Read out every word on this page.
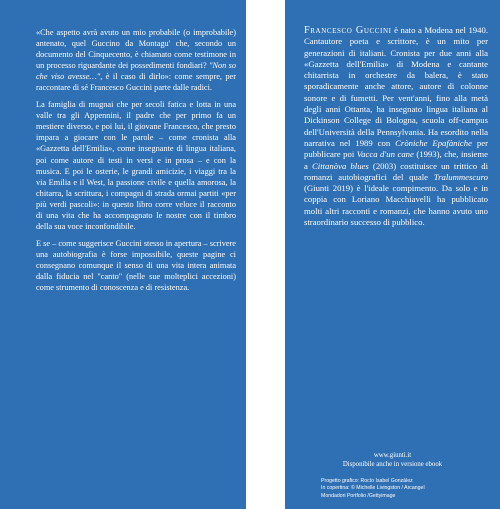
«Che aspetto avrà avuto un mio probabile (o improbabile) antenato, quel Guccino da Montagu' che, secondo un documento del Cinquecento, è chiamato come testimone in un processo riguardante dei possedimenti fondiari? "Non so che viso avesse…", è il caso di dirlo»: come sempre, per raccontare di sé Francesco Guccini parte dalle radici.

La famiglia di mugnai che per secoli fatica e lotta in una valle tra gli Appennini, il padre che per primo fa un mestiere diverso, e poi lui, il giovane Francesco, che presto impara a giocare con le parole – come cronista alla «Gazzetta dell'Emilia», come insegnante di lingua italiana, poi come autore di testi in versi e in prosa – e con la musica. E poi le osterie, le grandi amicizie, i viaggi tra la via Emilia e il West, la passione civile e quella amorosa, la chitarra, la scrittura, i compagni di strada ormai partiti «per più verdi pascoli»: in questo libro corre veloce il racconto di una vita che ha accompagnato le nostre con il timbro della sua voce inconfondibile.

E se – come suggerisce Guccini stesso in apertura – scrivere una autobiografia è forse impossibile, queste pagine ci consegnano comunque il senso di una vita intera animata dalla fiducia nel "canto" (nelle sue molteplici accezioni) come strumento di conoscenza e di resistenza.

Francesco Guccini è nato a Modena nel 1940. Cantautore poeta e scrittore, è un mito per generazioni di italiani. Cronista per due anni alla «Gazzetta dell'Emilia» di Modena e cantante chitarrista in orchestre da balera, è stato sporadicamente anche attore, autore di colonne sonore e di fumetti. Per vent'anni, fino alla metà degli anni Ottanta, ha insegnato lingua italiana al Dickinson College di Bologna, scuola off-campus dell'Università della Pennsylvania. Ha esordito nella narrativa nel 1989 con Cròniche Epafàniche per pubblicare poi Vacca d'un cane (1993), che, insieme a Cittanòva blues (2003) costituisce un trittico di romanzi autobiografici del quale Tralummescuro (Giunti 2019) è l'ideale compimento. Da solo e in coppia con Loriano Macchiavelli ha pubblicato molti altri racconti e romanzi, che hanno avuto uno straordinario successo di pubblico.

www.giunti.it
Disponibile anche in versione ebook
Progetto grafico: Rocío Isabel González
In copertina: © Michelle Livingston / Arcangel
Mondadori Portfolio /Gettyimage
